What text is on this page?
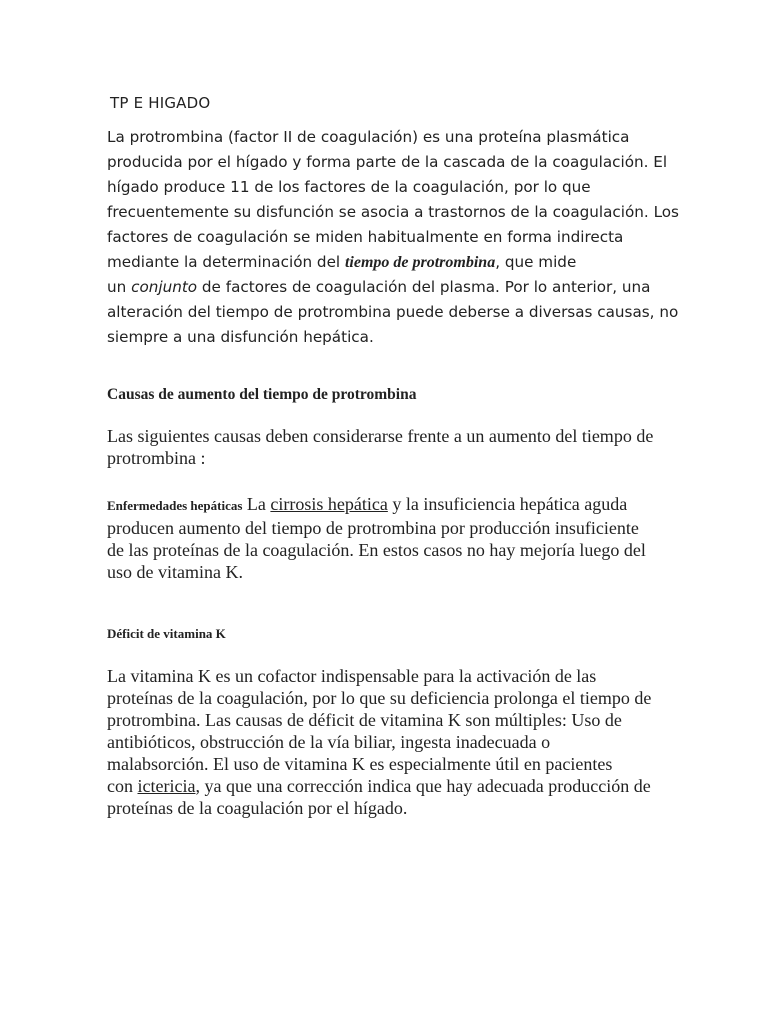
TP E HIGADO
La protrombina (factor II de coagulación) es una proteína plasmática
producida por el hígado y forma parte de la cascada de la coagulación. El
hígado produce 11 de los factores de la coagulación, por lo que
frecuentemente su disfunción se asocia a trastornos de la coagulación. Los
factores de coagulación se miden habitualmente en forma indirecta
mediante la determinación del tiempo de protrombina, que mide
un conjunto de factores de coagulación del plasma. Por lo anterior, una
alteración del tiempo de protrombina puede deberse a diversas causas, no
siempre a una disfunción hepática.
Causas de aumento del tiempo de protrombina
Las siguientes causas deben considerarse frente a un aumento del tiempo de
protrombina :
Enfermedades hepáticas La cirrosis hepática y la insuficiencia hepática aguda
producen aumento del tiempo de protrombina por producción insuficiente
de las proteínas de la coagulación. En estos casos no hay mejoría luego del
uso de vitamina K.
Déficit de vitamina K
La vitamina K es un cofactor indispensable para la activación de las
proteínas de la coagulación, por lo que su deficiencia prolonga el tiempo de
protrombina. Las causas de déficit de vitamina K son múltiples: Uso de
antibióticos, obstrucción de la vía biliar, ingesta inadecuada o
malabsorción. El uso de vitamina K es especialmente útil en pacientes
con ictericia, ya que una corrección indica que hay adecuada producción de
proteínas de la coagulación por el hígado.
